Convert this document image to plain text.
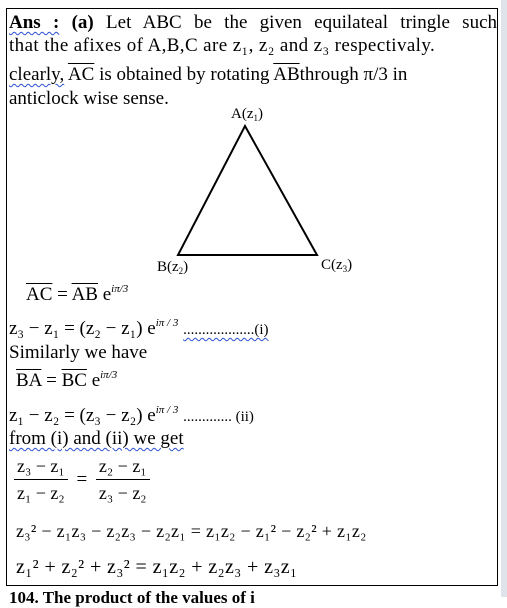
Ans : (a) Let ABC be the given equilateal tringle such
that the afixes of A,B,C are z₁, z₂ and z₃ respectivaly.
clearly, $\overline{AC}$ is obtained by rotating $\overline{AB}through$ π/3 in
anticlock wise sense.
$A(z_1)$
$B(z_2)$	$C(z_3)$
$\overline{AC} = \overline{AB}$ $e^{i\pi/3}$
z₃ − z₁ = (z₂ − z₁) $e^{i\pi / 3}$ ...................(i)
Similarly we have
$\overline{BA} = \overline{BC}$ $e^{i\pi/3}$
z₁ − z₂ = (z₃ − z₂) $e^{i\pi / 3}$ ............. (ii)
from (i) and (ii) we get
$\frac{\text{z₃ − z₁}}{\text{z₁ − z₂}} = \frac{\text{z₂ − z₁}}{\text{z₃ − z₂}}$
z₃² − z₁z₃ − z₂z₃ − z₂z₁ = z₁z₂ − z₁² − z₂² + z₁z₂
z₁² + z₂² + z₃² = z₁z₂ + z₂z₃ + z₃z₁
104. The product of the values of i
